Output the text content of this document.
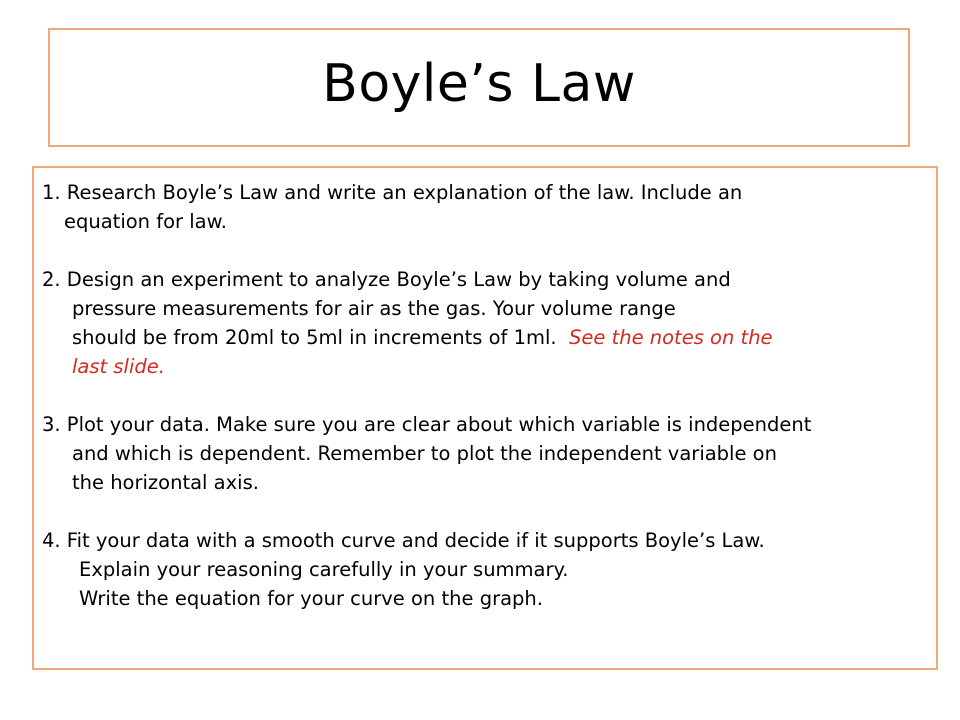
Boyle’s Law
1. Research Boyle’s Law and write an explanation of the law. Include an
equation for law.
2. Design an experiment to analyze Boyle’s Law by taking volume and
pressure measurements for air as the gas. Your volume range
should be from 20ml to 5ml in increments of 1ml.  See the notes on the
last slide.
3. Plot your data. Make sure you are clear about which variable is independent
and which is dependent. Remember to plot the independent variable on
the horizontal axis.
4. Fit your data with a smooth curve and decide if it supports Boyle’s Law.
Explain your reasoning carefully in your summary.
Write the equation for your curve on the graph.
